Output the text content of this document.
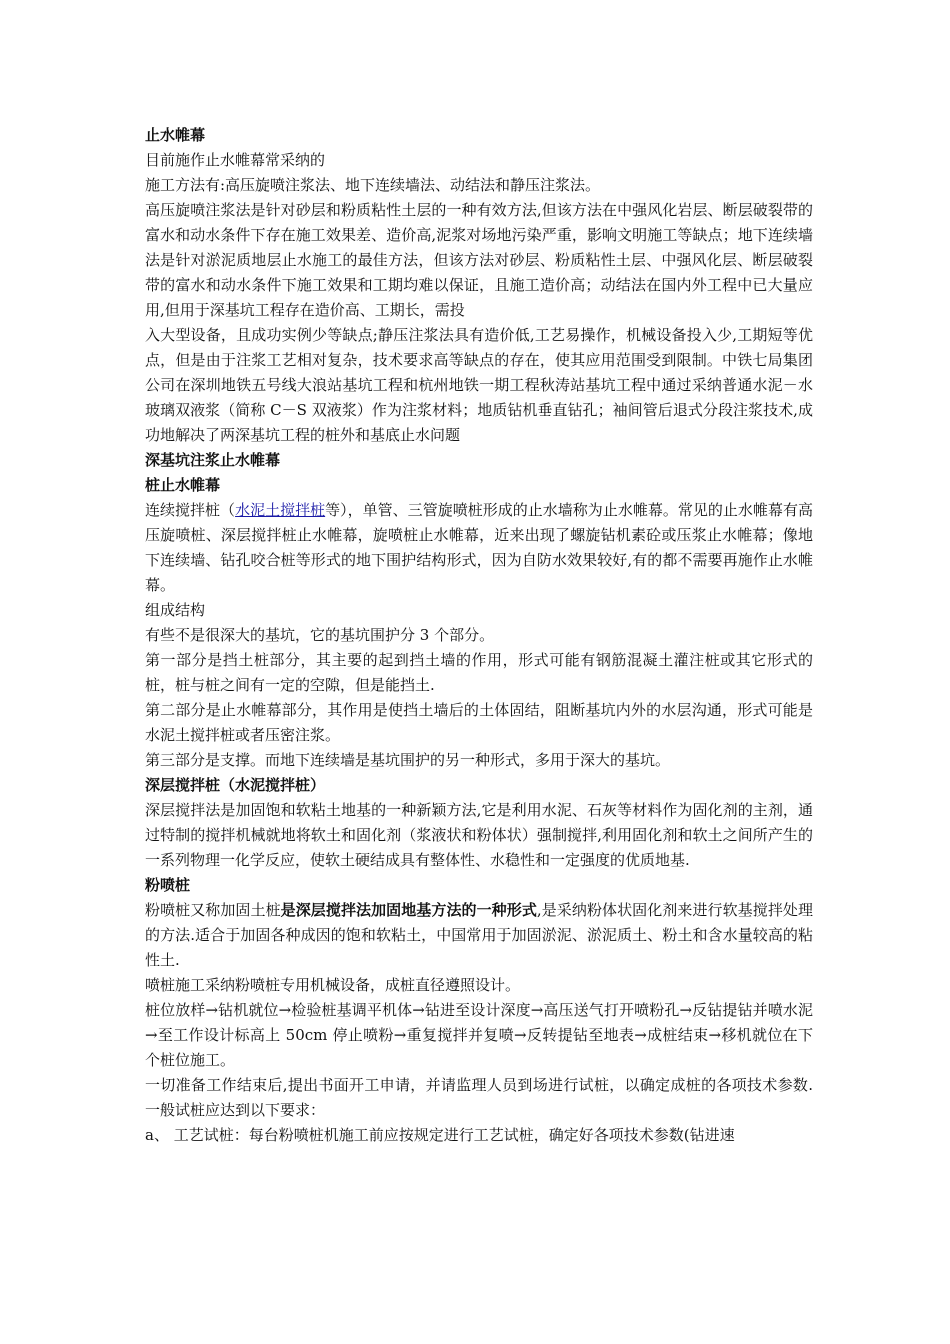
止水帷幕
目前施作止水帷幕常采纳的
施工方法有:高压旋喷注浆法、地下连续墙法、动结法和静压注浆法。
高压旋喷注浆法是针对砂层和粉质粘性土层的一种有效方法,但该方法在中强风化岩层、断层破裂带的富水和动水条件下存在施工效果差、造价高,泥浆对场地污染严重，影响文明施工等缺点；地下连续墙法是针对淤泥质地层止水施工的最佳方法，但该方法对砂层、粉质粘性土层、中强风化层、断层破裂带的富水和动水条件下施工效果和工期均难以保证，且施工造价高；动结法在国内外工程中已大量应用,但用于深基坑工程存在造价高、工期长，需投
入大型设备，且成功实例少等缺点;静压注浆法具有造价低,工艺易操作，机械设备投入少,工期短等优点，但是由于注浆工艺相对复杂，技术要求高等缺点的存在，使其应用范围受到限制。中铁七局集团公司在深圳地铁五号线大浪站基坑工程和杭州地铁一期工程秋涛站基坑工程中通过采纳普通水泥－水玻璃双液浆（简称 C－S 双液浆）作为注浆材料；地质钻机垂直钻孔；袖间管后退式分段注浆技术,成功地解决了两深基坑工程的桩外和基底止水问题
深基坑注浆止水帷幕
桩止水帷幕
连续搅拌桩（水泥土搅拌桩等），单管、三管旋喷桩形成的止水墙称为止水帷幕。常见的止水帷幕有高压旋喷桩、深层搅拌桩止水帷幕，旋喷桩止水帷幕，近来出现了螺旋钻机素砼或压浆止水帷幕；像地下连续墙、钻孔咬合桩等形式的地下围护结构形式，因为自防水效果较好,有的都不需要再施作止水帷幕。
组成结构
有些不是很深大的基坑，它的基坑围护分 3 个部分。
第一部分是挡土桩部分，其主要的起到挡土墙的作用，形式可能有钢筋混凝土灌注桩或其它形式的桩，桩与桩之间有一定的空隙，但是能挡土.
第二部分是止水帷幕部分，其作用是使挡土墙后的土体固结，阻断基坑内外的水层沟通，形式可能是水泥土搅拌桩或者压密注浆。
第三部分是支撑。而地下连续墙是基坑围护的另一种形式，多用于深大的基坑。
深层搅拌桩（水泥搅拌桩）
深层搅拌法是加固饱和软粘土地基的一种新颖方法,它是利用水泥、石灰等材料作为固化剂的主剂，通过特制的搅拌机械就地将软土和固化剂（浆液状和粉体状）强制搅拌,利用固化剂和软土之间所产生的一系列物理一化学反应，使软土硬结成具有整体性、水稳性和一定强度的优质地基.
粉喷桩
粉喷桩又称加固土桩是深层搅拌法加固地基方法的一种形式,是采纳粉体状固化剂来进行软基搅拌处理的方法.适合于加固各种成因的饱和软粘土，中国常用于加固淤泥、淤泥质土、粉土和含水量较高的粘性土.
喷桩施工采纳粉喷桩专用机械设备，成桩直径遵照设计。
桩位放样→钻机就位→检验桩基调平机体→钻进至设计深度→高压送气打开喷粉孔→反钻提钻并喷水泥→至工作设计标高上 50cm 停止喷粉→重复搅拌并复喷→反转提钻至地表→成桩结束→移机就位在下个桩位施工。
一切准备工作结束后,提出书面开工申请，并请监理人员到场进行试桩，以确定成桩的各项技术参数.一般试桩应达到以下要求：
a、 工艺试桩：每台粉喷桩机施工前应按规定进行工艺试桩，确定好各项技术参数(钻进速
